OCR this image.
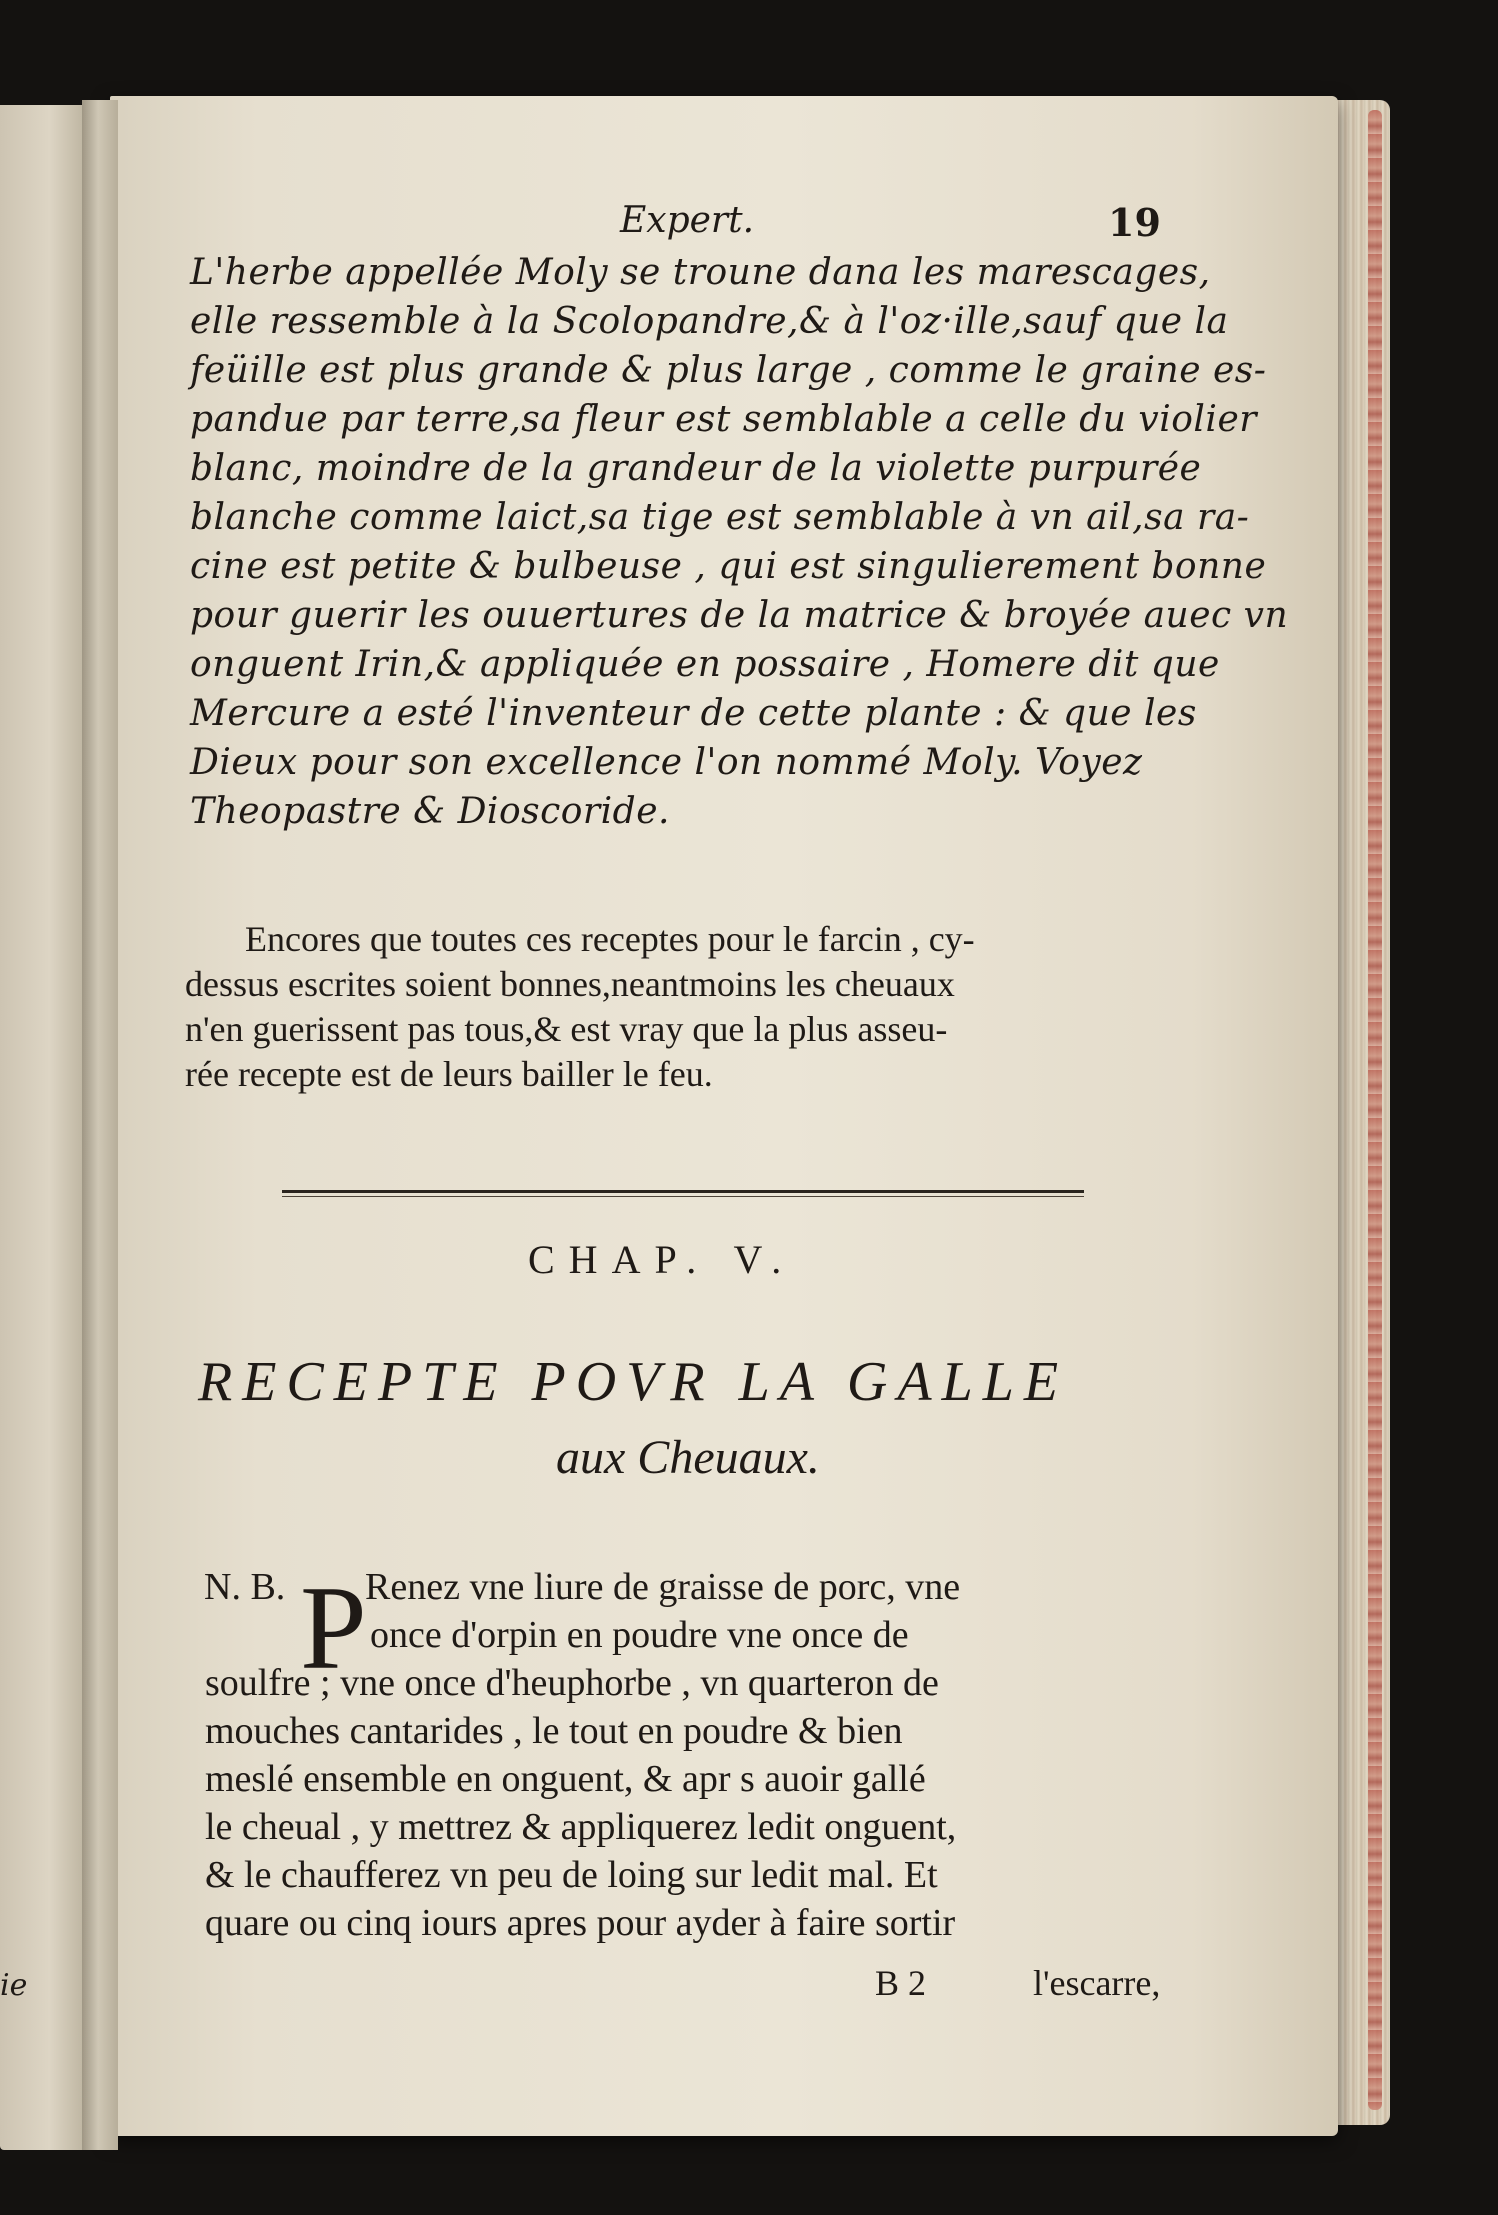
ie
Expert.	19
L'herbe appellée Moly se troune dana les marescages,
elle ressemble à la Scolopandre,& à l'oz·ille,sauf que la
feüille est plus grande & plus large , comme le graine es-
pandue par terre,sa fleur est semblable a celle du violier
blanc, moindre de la grandeur de la violette purpurée
blanche comme laict,sa tige est semblable à vn ail,sa ra-
cine est petite & bulbeuse , qui est singulierement bonne
pour guerir les ouuertures de la matrice & broyée auec vn
onguent Irin,& appliquée en possaire , Homere dit que
Mercure a esté l'inventeur de cette plante : & que les
Dieux pour son excellence l'on nommé Moly. Voyez
Theopastre & Dioscoride.
Encores que toutes ces receptes pour le farcin , cy-
dessus escrites soient bonnes,neantmoins les cheuaux
n'en guerissent pas tous,& est vray que la plus asseu-
rée recepte est de leurs bailler le feu.
CHAP. V.
RECEPTE POVR LA GALLE
aux Cheuaux.
N. B. P
Renez vne liure de graisse de porc, vne
once d'orpin en poudre vne once de
soulfre ; vne once d'heuphorbe , vn quarteron de
mouches cantarides , le tout en poudre & bien
meslé ensemble en onguent, & apr s auoir gallé
le cheual , y mettrez & appliquerez ledit onguent,
& le chaufferez vn peu de loing sur ledit mal. Et
quare ou cinq iours apres pour ayder à faire sortir
B 2	l'escarre,
